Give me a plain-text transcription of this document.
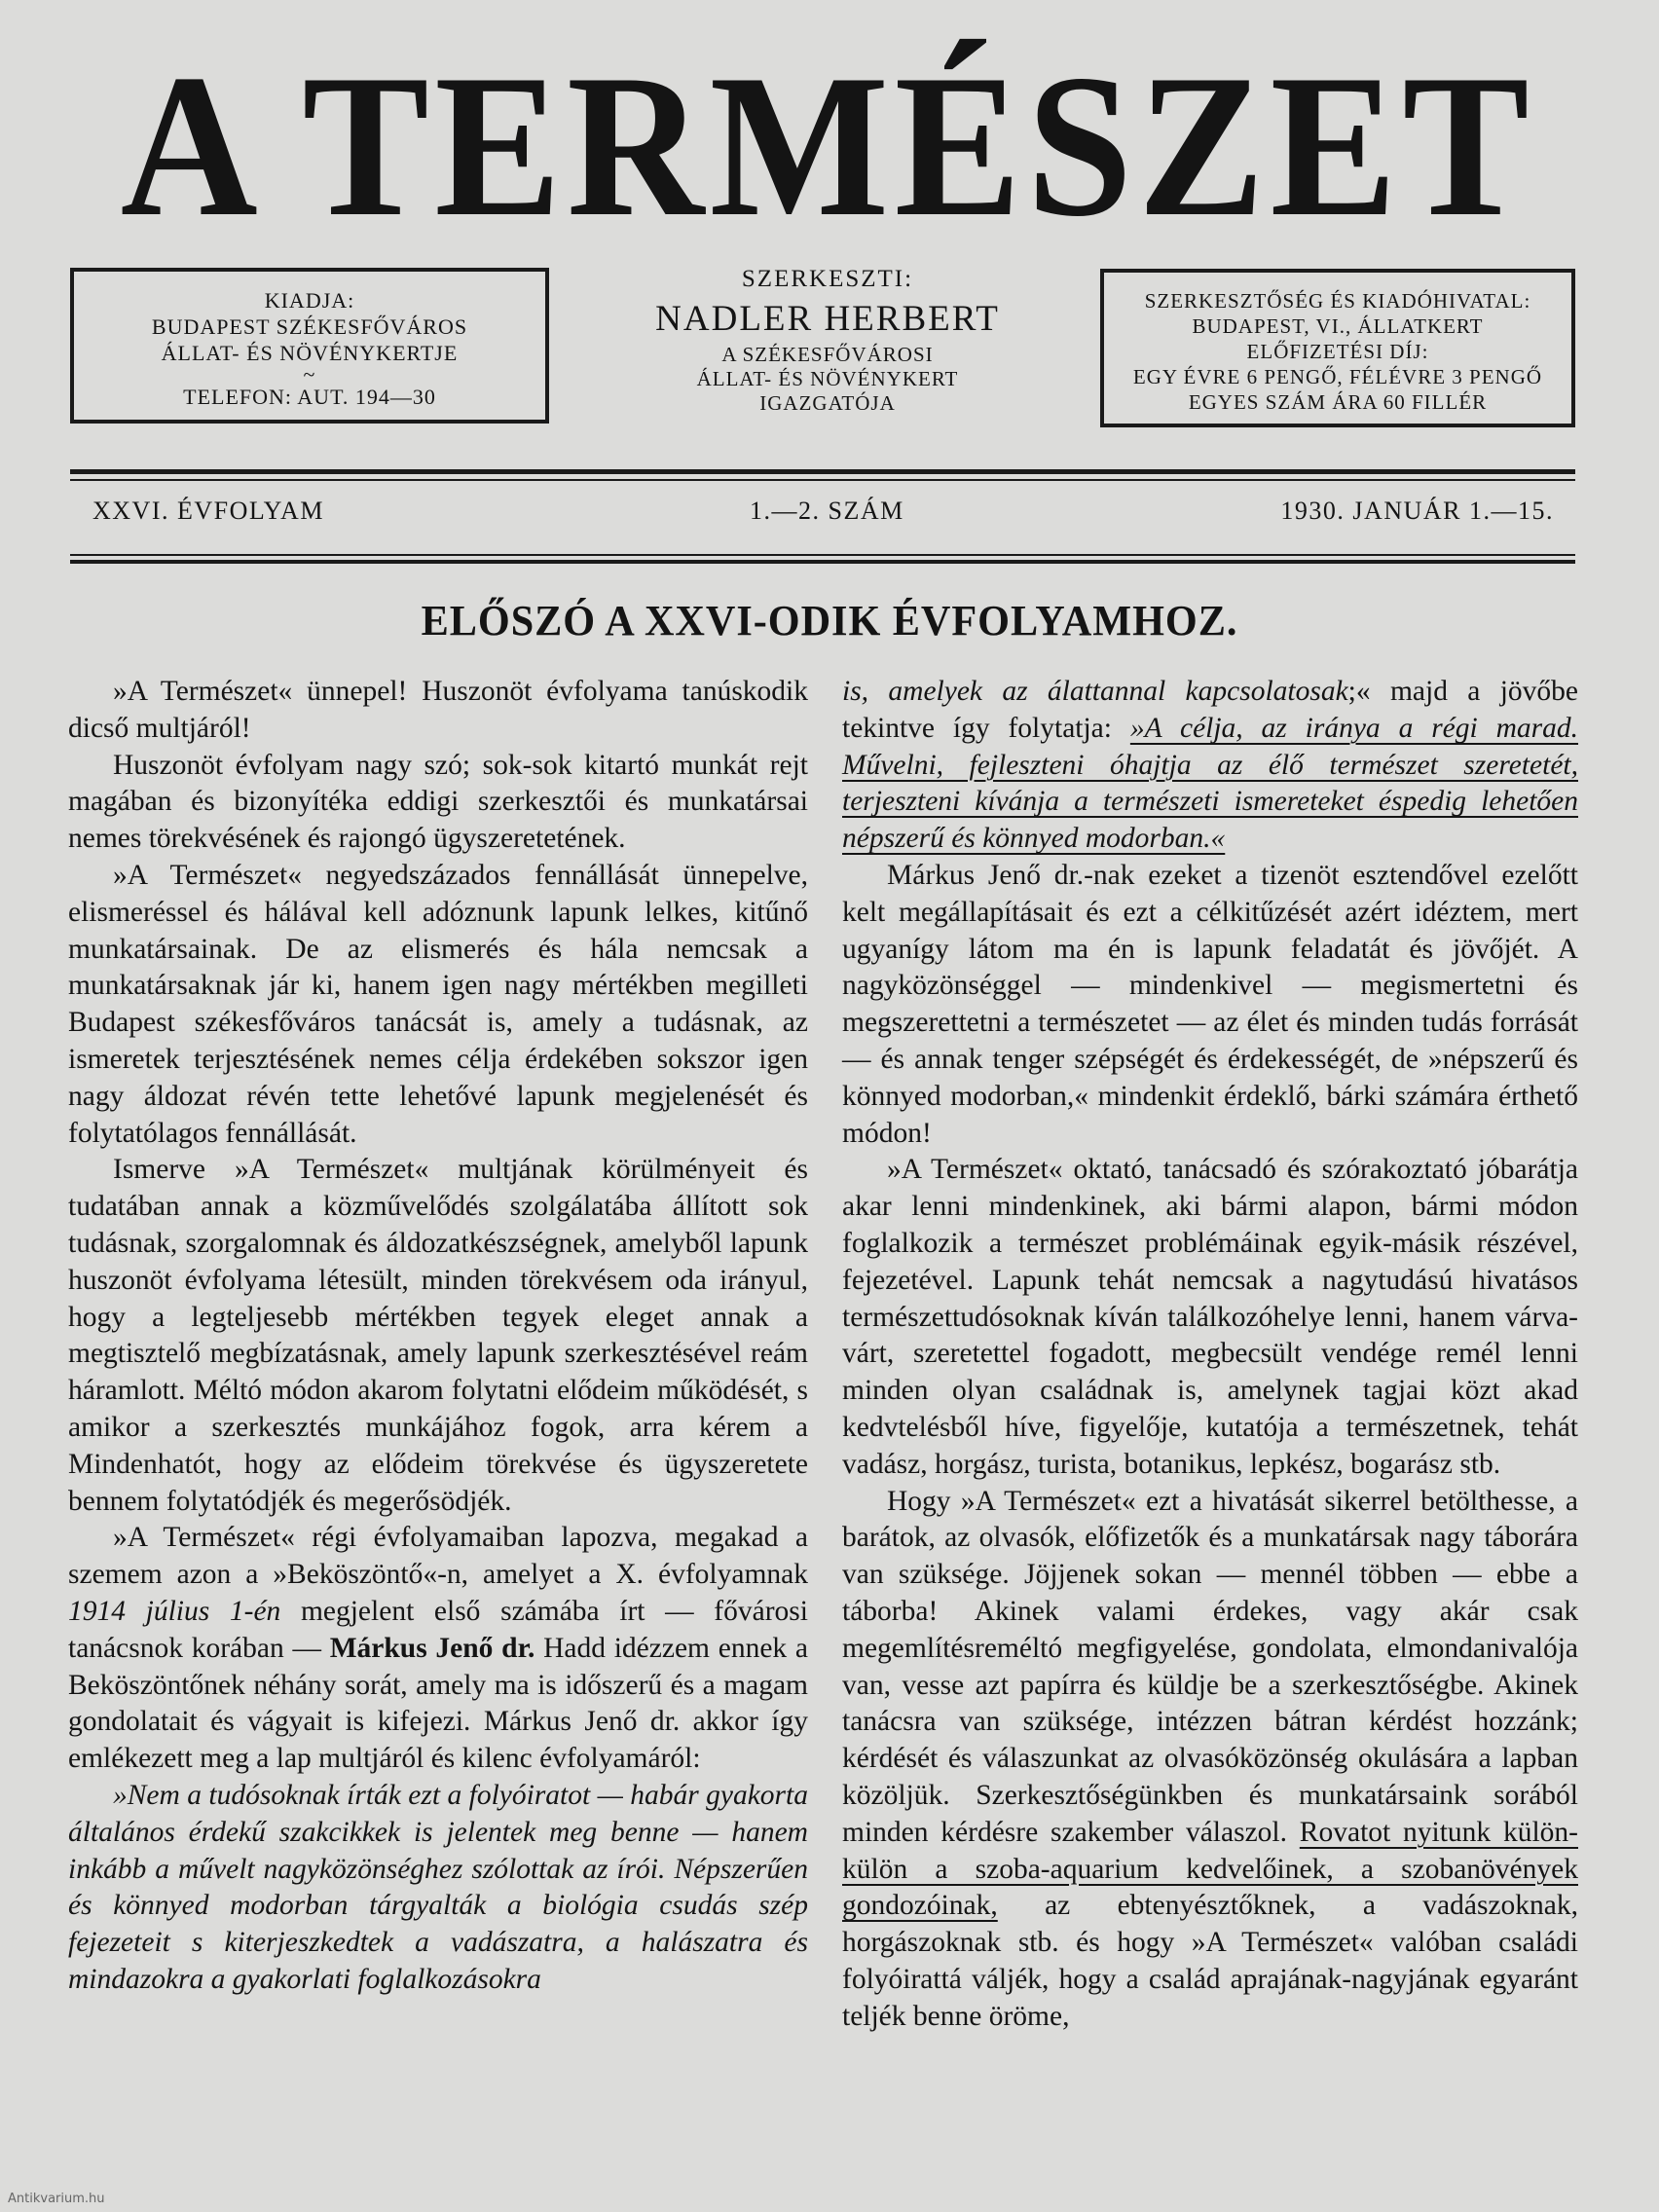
A TERMÉSZET
KIADJA:
BUDAPEST SZÉKESFŐVÁROS
ÁLLAT- ÉS NÖVÉNYKERTJE
~
TELEFON: AUT. 194—30
SZERKESZTI:
NADLER HERBERT
A SZÉKESFŐVÁROSI
ÁLLAT- ÉS NÖVÉNYKERT
IGAZGATÓJA
SZERKESZTŐSÉG ÉS KIADÓHIVATAL:
BUDAPEST, VI., ÁLLATKERT
ELŐFIZETÉSI DÍJ:
EGY ÉVRE 6 PENGŐ, FÉLÉVRE 3 PENGŐ
EGYES SZÁM ÁRA 60 FILLÉR
XXVI. ÉVFOLYAM	1.—2. SZÁM	1930. JANUÁR 1.—15.
ELŐSZÓ A XXVI-ODIK ÉVFOLYAMHOZ.

»A Természet« ünnepel! Huszonöt évfolyama tanúskodik dicső multjáról!

Huszonöt évfolyam nagy szó; sok-sok kitartó munkát rejt magában és bizonyítéka eddigi szerkesztői és munkatársai nemes törekvésének és rajongó ügyszeretetének.

»A Természet« negyedszázados fennállását ünnepelve, elismeréssel és hálával kell adóznunk lapunk lelkes, kitűnő munkatársainak. De az elismerés és hála nemcsak a munkatársaknak jár ki, hanem igen nagy mértékben megilleti Budapest székesfőváros tanácsát is, amely a tudásnak, az ismeretek terjesztésének nemes célja érdekében sokszor igen nagy áldozat révén tette lehetővé lapunk megjelenését és folytatólagos fennállását.

Ismerve »A Természet« multjának körülményeit és tudatában annak a közművelődés szolgálatába állított sok tudásnak, szorgalomnak és áldozatkészségnek, amelyből lapunk huszonöt évfolyama létesült, minden törekvésem oda irányul, hogy a legteljesebb mértékben tegyek eleget annak a megtisztelő megbízatásnak, amely lapunk szerkesztésével reám háramlott. Méltó módon akarom folytatni elődeim működését, s amikor a szerkesztés munkájához fogok, arra kérem a Mindenhatót, hogy az elődeim törekvése és ügyszeretete bennem folytatódjék és megerősödjék.

»A Természet« régi évfolyamaiban lapozva, megakad a szemem azon a »Beköszöntő«-n, amelyet a X. évfolyamnak 1914 július 1-én megjelent első számába írt — fővárosi tanácsnok korában — Márkus Jenő dr. Hadd idézzem ennek a Beköszöntőnek néhány sorát, amely ma is időszerű és a magam gondolatait és vágyait is kifejezi. Márkus Jenő dr. akkor így emlékezett meg a lap multjáról és kilenc évfolyamáról:

»Nem a tudósoknak írták ezt a folyóiratot — habár gyakorta általános érdekű szakcikkek is jelentek meg benne — hanem inkább a művelt nagyközönséghez szólottak az írói. Népszerűen és könnyed modorban tárgyalták a biológia csudás szép fejezeteit s kiterjeszkedtek a vadászatra, a halászatra és mindazokra a gyakorlati foglalkozásokra

is, amelyek az álattannal kapcsolatosak;« majd a jövőbe tekintve így folytatja: »A célja, az iránya a régi marad. Művelni, fejleszteni óhajtja az élő természet szeretetét, terjeszteni kívánja a természeti ismereteket éspedig lehetően népszerű és könnyed modorban.«

Márkus Jenő dr.-nak ezeket a tizenöt esztendővel ezelőtt kelt megállapításait és ezt a célkitűzését azért idéztem, mert ugyanígy látom ma én is lapunk feladatát és jövőjét. A nagyközönséggel — mindenkivel — megismertetni és megszerettetni a természetet — az élet és minden tudás forrását — és annak tenger szépségét és érdekességét, de »népszerű és könnyed modorban,« mindenkit érdeklő, bárki számára érthető módon!

»A Természet« oktató, tanácsadó és szórakoztató jóbarátja akar lenni mindenkinek, aki bármi alapon, bármi módon foglalkozik a természet problémáinak egyik-másik részével, fejezetével. Lapunk tehát nemcsak a nagytudású hivatásos természettudósoknak kíván találkozóhelye lenni, hanem várva-várt, szeretettel fogadott, megbecsült vendége remél lenni minden olyan családnak is, amelynek tagjai közt akad kedvtelésből híve, figyelője, kutatója a természetnek, tehát vadász, horgász, turista, botanikus, lepkész, bogarász stb.

Hogy »A Természet« ezt a hivatását sikerrel betölthesse, a barátok, az olvasók, előfizetők és a munkatársak nagy táborára van szüksége. Jöjjenek sokan — mennél többen — ebbe a táborba! Akinek valami érdekes, vagy akár csak megemlítésreméltó megfigyelése, gondolata, elmondanivalója van, vesse azt papírra és küldje be a szerkesztőségbe. Akinek tanácsra van szüksége, intézzen bátran kérdést hozzánk; kérdését és válaszunkat az olvasóközönség okulására a lapban közöljük. Szerkesztőségünkben és munkatársaink sorából minden kérdésre szakember válaszol. Rovatot nyitunk külön-külön a szoba-aquarium kedvelőinek, a szobanövények gondozóinak, az ebtenyésztőknek, a vadászoknak, horgászoknak stb. és hogy »A Természet« valóban családi folyóirattá váljék, hogy a család aprajának-nagyjának egyaránt teljék benne öröme,

Antikvarium.hu
